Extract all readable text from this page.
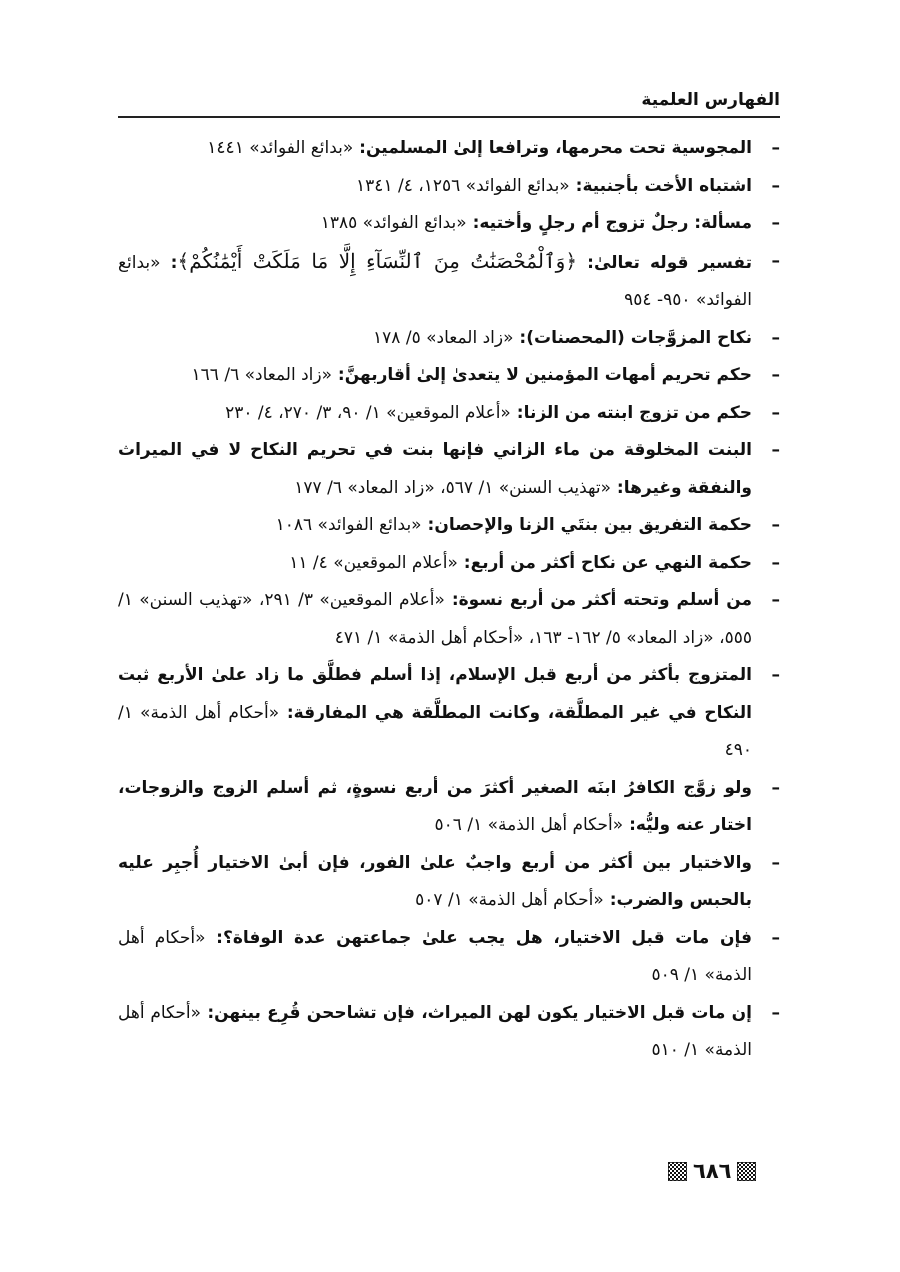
الفهارس العلمية
–
المجوسية تحت محرمها، وترافعا إلىٰ المسلمين: «بدائع الفوائد» ١٤٤١
–
اشتباه الأخت بأجنبية: «بدائع الفوائد» ١٢٥٦، ٤/ ١٣٤١
–
مسألة: رجلٌ تزوج أم رجلٍ وأختيه: «بدائع الفوائد» ١٣٨٥
–
تفسير قوله تعالىٰ: ﴿وَٱلْمُحْصَنَٰتُ مِنَ ٱلنِّسَآءِ إِلَّا مَا مَلَكَتْ أَيْمَٰنُكُمْ﴾: «بدائع الفوائد» ٩٥٠- ٩٥٤
–
نكاح المزوَّجات (المحصنات): «زاد المعاد» ٥/ ١٧٨
–
حكم تحريم أمهات المؤمنين لا يتعدىٰ إلىٰ أقاربهنَّ: «زاد المعاد» ٦/ ١٦٦
–
حكم من تزوج ابنته من الزنا: «أعلام الموقعين» ١/ ٩٠، ٣/ ٢٧٠، ٤/ ٢٣٠
–
البنت المخلوقة من ماء الزاني فإنها بنت في تحريم النكاح لا في الميراث والنفقة وغيرها: «تهذيب السنن» ١/ ٥٦٧، «زاد المعاد» ٦/ ١٧٧
–
حكمة التفريق بين بنتَي الزنا والإحصان: «بدائع الفوائد» ١٠٨٦
–
حكمة النهي عن نكاح أكثر من أربع: «أعلام الموقعين» ٤/ ١١
–
من أسلم وتحته أكثر من أربع نسوة: «أعلام الموقعين» ٣/ ٢٩١، «تهذيب السنن» ١/ ٥٥٥، «زاد المعاد» ٥/ ١٦٢- ١٦٣، «أحكام أهل الذمة» ١/ ٤٧١
–
المتزوج بأكثر من أربع قبل الإسلام، إذا أسلم فطلَّق ما زاد علىٰ الأربع ثبت النكاح في غير المطلَّقة، وكانت المطلَّقة هي المفارقة: «أحكام أهل الذمة» ١/ ٤٩٠
–
ولو زوَّج الكافرُ ابنَه الصغير أكثرَ من أربع نسوةٍ، ثم أسلم الزوج والزوجات، اختار عنه وليُّه: «أحكام أهل الذمة» ١/ ٥٠٦
–
والاختيار بين أكثر من أربع واجبٌ علىٰ الفور، فإن أبىٰ الاختيار أُجبِر عليه بالحبس والضرب: «أحكام أهل الذمة» ١/ ٥٠٧
–
فإن مات قبل الاختيار، هل يجب علىٰ جماعتهن عدة الوفاة؟: «أحكام أهل الذمة» ١/ ٥٠٩
–
إن مات قبل الاختيار يكون لهن الميراث، فإن تشاححن قُرِع بينهن: «أحكام أهل الذمة» ١/ ٥١٠
٦٨٦
